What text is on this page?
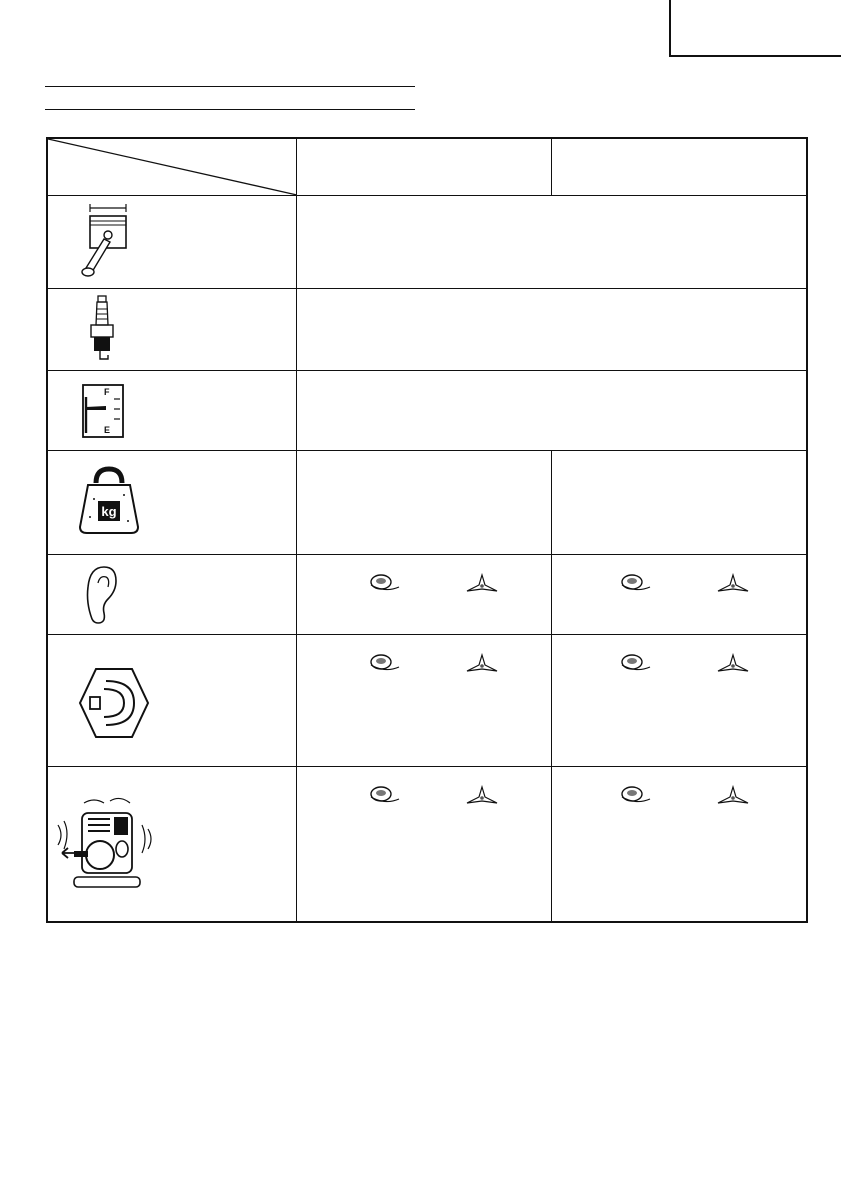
F
E
kg
